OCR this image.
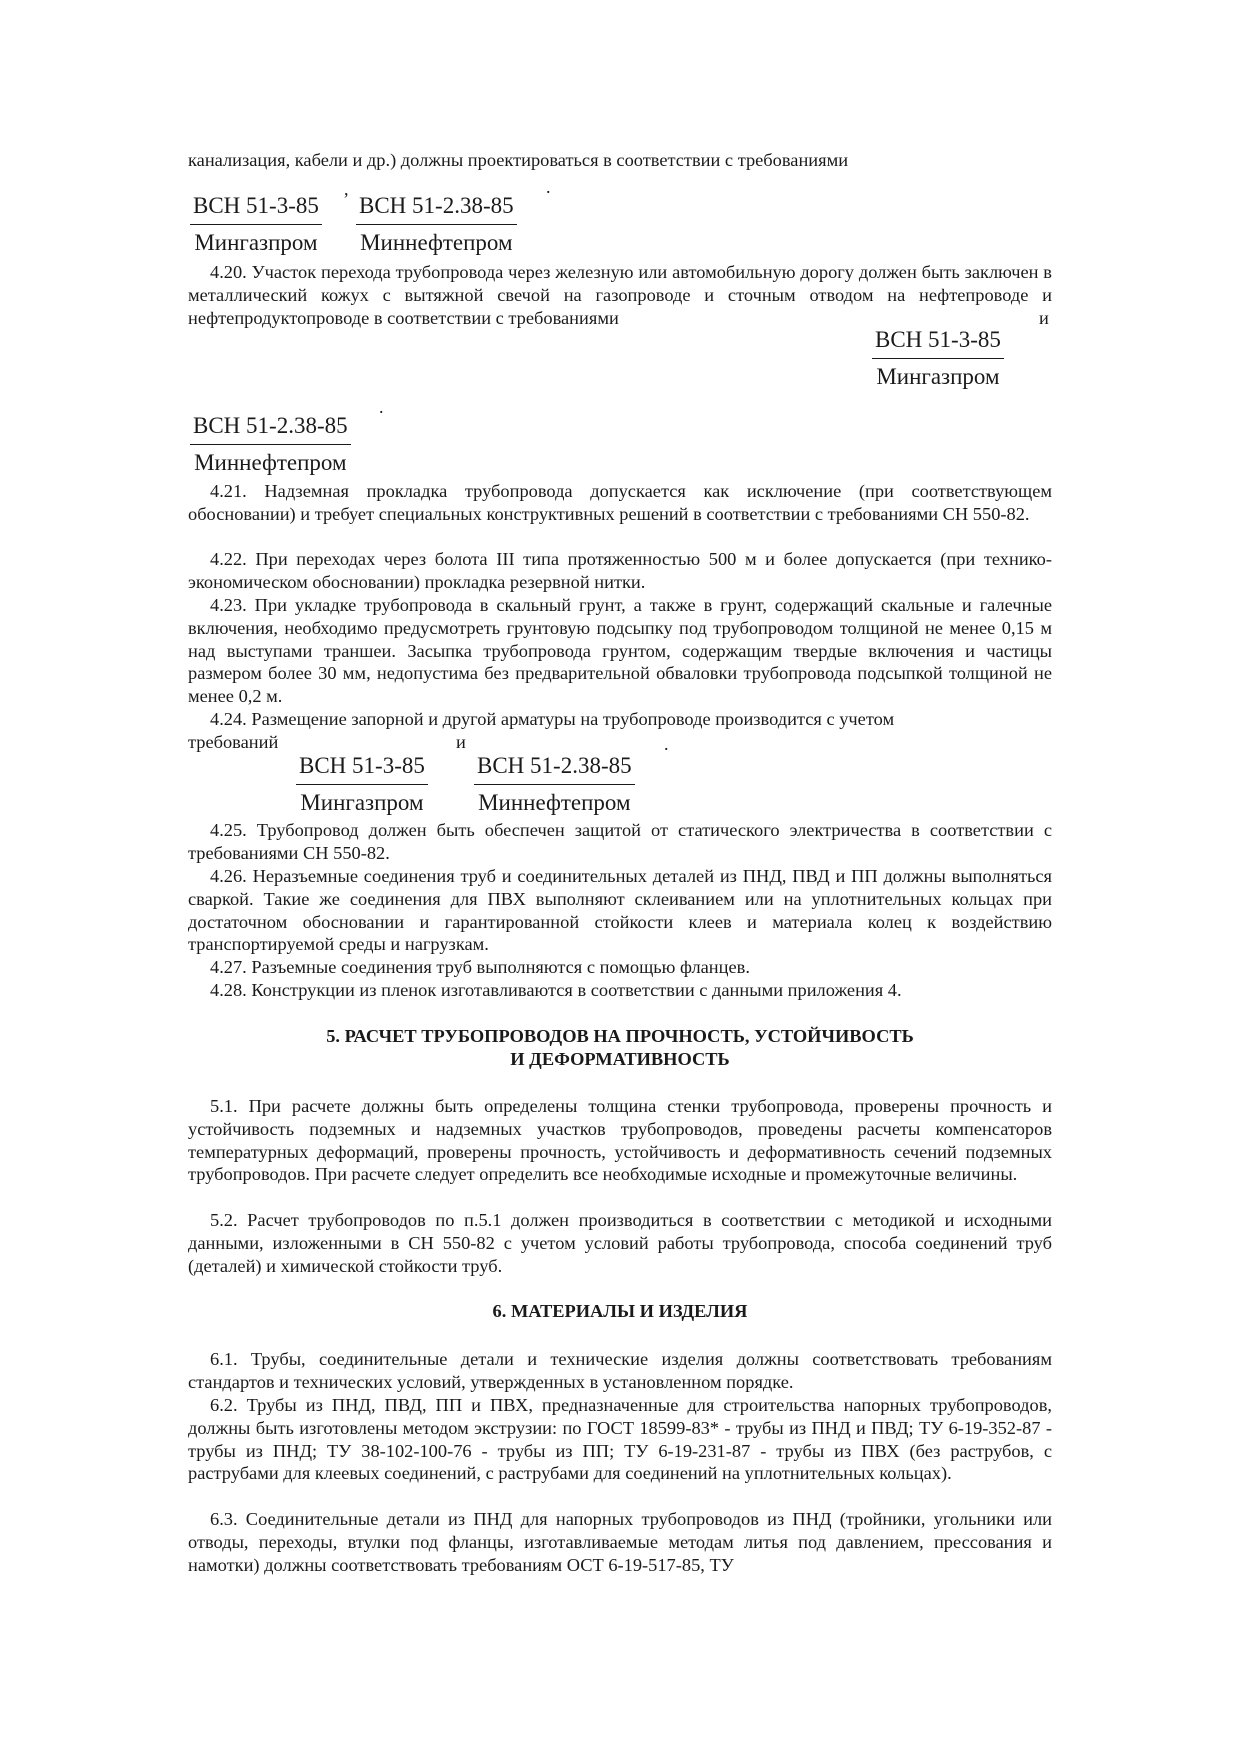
канализация, кабели и др.) должны проектироваться в соответствии с требованиями

ВСН 51-3-85
Мингазпром
,
ВСН 51-2.38-85
Миннефтепром
.

4.20. Участок перехода трубопровода через железную или автомобильную дорогу должен быть заключен в металлический кожух с вытяжной свечой на газопроводе и сточным отводом на нефтепроводе и нефтепродуктопроводе в соответствии с требованиями	и
ВСН 51-3-85
Мингазпром
ВСН 51-2.38-85
Миннефтепром
.

4.21. Надземная прокладка трубопровода допускается как исключение (при соответствующем обосновании) и требует специальных конструктивных решений в соответствии с требованиями СН 550-82.

4.22. При переходах через болота III типа протяженностью 500 м и более допускается (при технико-экономическом обосновании) прокладка резервной нитки.

4.23. При укладке трубопровода в скальный грунт, а также в грунт, содержащий скальные и галечные включения, необходимо предусмотреть грунтовую подсыпку под трубопроводом толщиной не менее 0,15 м над выступами траншеи. Засыпка трубопровода грунтом, содержащим твердые включения и частицы размером более 30 мм, недопустима без предварительной обваловки трубопровода подсыпкой толщиной не менее 0,2 м.

4.24. Размещение запорной и другой арматуры на трубопроводе производится с учетом

требований	и	.
ВСН 51-3-85
Мингазпром
ВСН 51-2.38-85
Миннефтепром

4.25. Трубопровод должен быть обеспечен защитой от статического электричества в соответствии с требованиями СН 550-82.

4.26. Неразъемные соединения труб и соединительных деталей из ПНД, ПВД и ПП должны выполняться сваркой. Такие же соединения для ПВХ выполняют склеиванием или на уплотнительных кольцах при достаточном обосновании и гарантированной стойкости клеев и материала колец к воздействию транспортируемой среды и нагрузкам.

4.27. Разъемные соединения труб выполняются с помощью фланцев.

4.28. Конструкции из пленок изготавливаются в соответствии с данными приложения 4.

5. РАСЧЕТ ТРУБОПРОВОДОВ НА ПРОЧНОСТЬ, УСТОЙЧИВОСТЬ

И ДЕФОРМАТИВНОСТЬ

5.1. При расчете должны быть определены толщина стенки трубопровода, проверены прочность и устойчивость подземных и надземных участков трубопроводов, проведены расчеты компенсаторов температурных деформаций, проверены прочность, устойчивость и деформативность сечений подземных трубопроводов. При расчете следует определить все необходимые исходные и промежуточные величины.

5.2. Расчет трубопроводов по п.5.1 должен производиться в соответствии с методикой и исходными данными, изложенными в СН 550-82 с учетом условий работы трубопровода, способа соединений труб (деталей) и химической стойкости труб.

6. МАТЕРИАЛЫ И ИЗДЕЛИЯ

6.1. Трубы, соединительные детали и технические изделия должны соответствовать требованиям стандартов и технических условий, утвержденных в установленном порядке.

6.2. Трубы из ПНД, ПВД, ПП и ПВХ, предназначенные для строительства напорных трубопроводов, должны быть изготовлены методом экструзии: по ГОСТ 18599-83* - трубы из ПНД и ПВД; ТУ 6-19-352-87 - трубы из ПНД; ТУ 38-102-100-76 - трубы из ПП; ТУ 6-19-231-87 - трубы из ПВХ (без раструбов, с раструбами для клеевых соединений, с раструбами для соединений на уплотнительных кольцах).

6.3. Соединительные детали из ПНД для напорных трубопроводов из ПНД (тройники, угольники или отводы, переходы, втулки под фланцы, изготавливаемые методам литья под давлением, прессования и намотки) должны соответствовать требованиям ОСТ 6-19-517-85, ТУ
